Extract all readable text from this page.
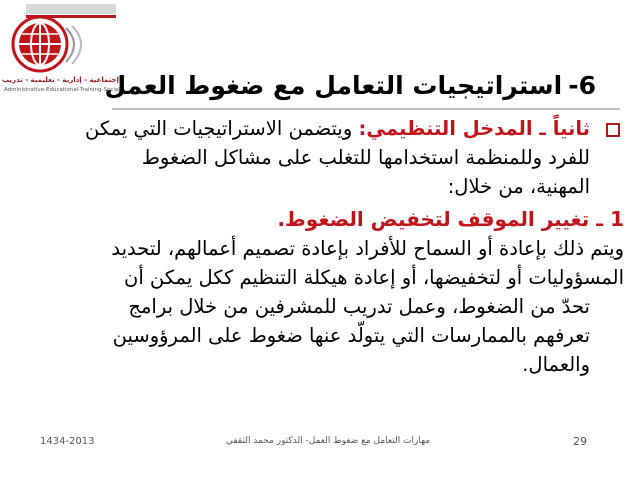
إجتماعية - إدارية - تعليمية - تدريب
Administrative-Educational-Training-Social	6-استراتيجيات التعامل مع ضغوط العمل

ثانياً ـ المدخل التنظيمي: ويتضمن الاستراتيجيات التي يمكن

للفرد وللمنظمة استخدامها للتغلب على مشاكل الضغوط

المهنية، من خلال:

1 ـ تغيير الموقف لتخفيض الضغوط.

ويتم ذلك بإعادة أو السماح للأفراد بإعادة تصميم أعمالهم، لتحديد

المسؤوليات أو لتخفيضها، أو إعادة هيكلة التنظيم ككل يمكن أن

تحدّ من الضغوط، وعمل تدريب للمشرفين من خلال برامج

تعرفهم بالممارسات التي يتولّد عنها ضغوط على المرؤوسين

والعمال.

1434-2013	مهارات التعامل مع ضغوط العمل- الدكتور محمد الثقفي	29
